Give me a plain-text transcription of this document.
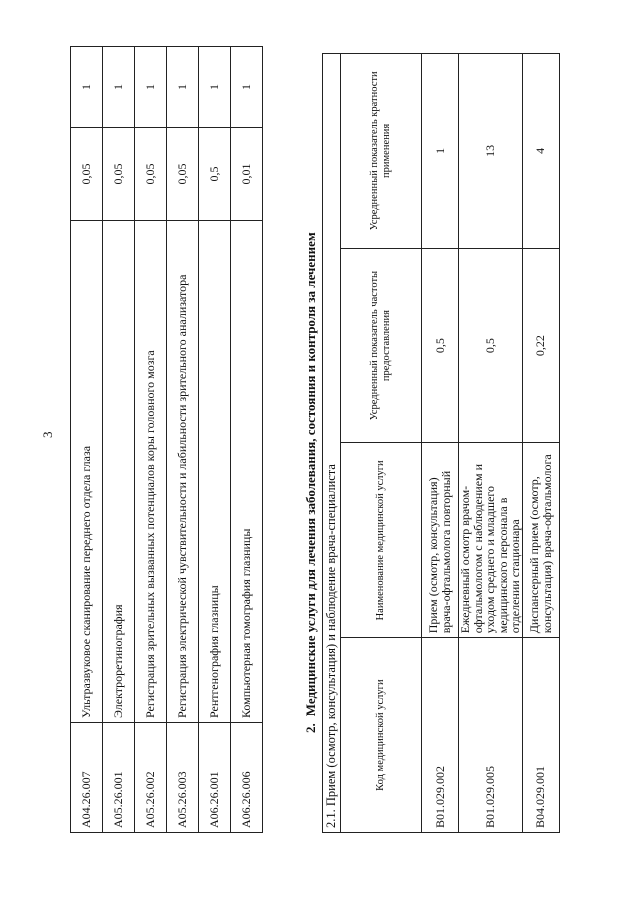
3
A04.26.007	Ультразвуковое сканирование переднего отдела глаза	0,05	1
A05.26.001	Электроретинография	0,05	1
A05.26.002	Регистрация зрительных вызванных потенциалов коры головного мозга	0,05	1
A05.26.003	Регистрация электрической чувствительности и лабильности зрительного анализатора	0,05	1
A06.26.001	Рентгенография глазницы	0,5	1
A06.26.006	Компьютерная томография глазницы	0,01	1
2.Медицинские услуги для лечения заболевания, состояния и контроля за лечением 2.1. Прием (осмотр, консультация) и наблюдение врача-специалиста			
Код медицинской услуги	Наименование медицинской услуги	Усредненный показатель частоты предоставления	Усредненный показатель кратности применения
B01.029.002	Прием (осмотр, консультация) врача-офтальмолога повторный	0,5	1
B01.029.005	Ежедневный осмотр врачом-офтальмологом с наблюдением и уходом среднего и младшего медицинского персонала в отделении стационара	0,5	13
B04.029.001	Диспансерный прием (осмотр, консультация) врача-офтальмолога	0,22	4
